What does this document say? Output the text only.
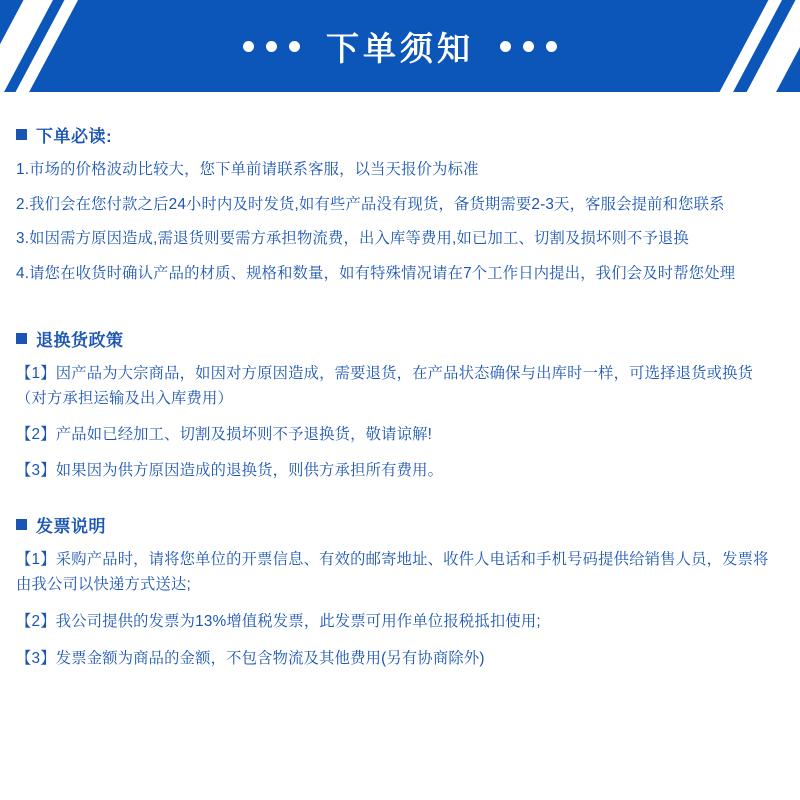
下单须知
下单必读:

1.市场的价格波动比较大，您下单前请联系客服，以当天报价为标准

2.我们会在您付款之后24小时内及时发货,如有些产品没有现货，备货期需要2-3天，客服会提前和您联系

3.如因需方原因造成,需退货则要需方承担物流费，出入库等费用,如已加工、切割及损坏则不予退换

4.请您在收货时确认产品的材质、规格和数量，如有特殊情况请在7个工作日内提出，我们会及时帮您处理

退换货政策

【1】因产品为大宗商品，如因对方原因造成，需要退货，在产品状态确保与出库时一样，可选择退货或换货（对方承担运输及出入库费用）

【2】产品如已经加工、切割及损坏则不予退换货，敬请谅解!

【3】如果因为供方原因造成的退换货，则供方承担所有费用。

发票说明

【1】采购产品时，请将您单位的开票信息、有效的邮寄地址、收件人电话和手机号码提供给销售人员，发票将由我公司以快递方式送达;

【2】我公司提供的发票为13%增值税发票，此发票可用作单位报税抵扣使用;

【3】发票金额为商品的金额，不包含物流及其他费用(另有协商除外)
